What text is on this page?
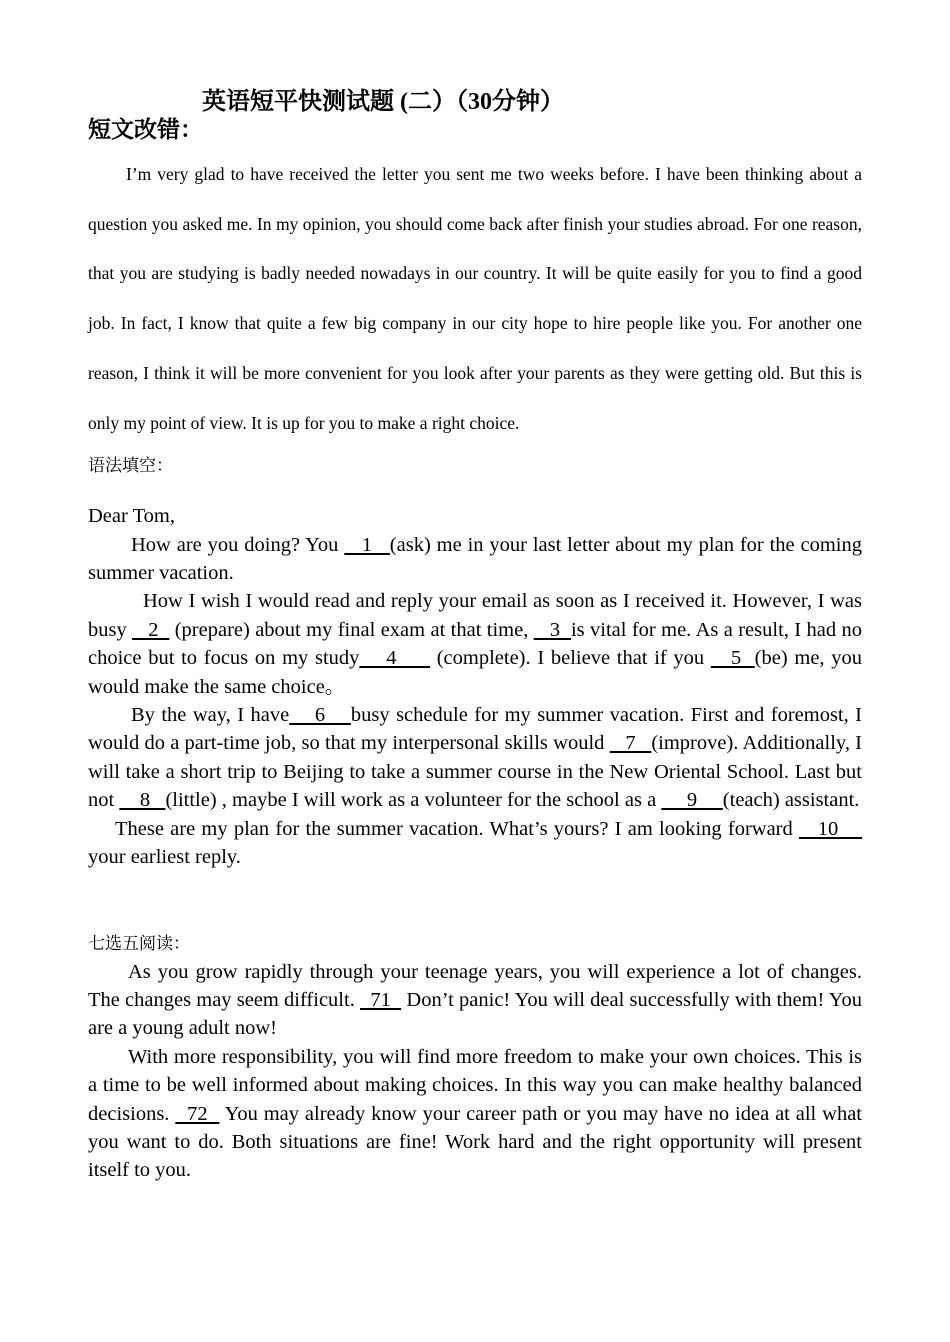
英语短平快测试题 (二）（30分钟）
短文改错：

I’m very glad to have received the letter you sent me two weeks before. I have been thinking about a question you asked me. In my opinion, you should come back after finish your studies abroad. For one reason, that you are studying is badly needed nowadays in our country. It will be quite easily for you to find a good job. In fact, I know that quite a few big company in our city hope to hire people like you. For another one reason, I think it will be more convenient for you look after your parents as they were getting old. But this is only my point of view. It is up for you to make a right choice.

语法填空：

Dear Tom,

How are you doing? You    1   (ask) me in your last letter about my plan for the coming summer vacation.

How I wish I would read and reply your email as soon as I received it. However, I was busy    2   (prepare) about my final exam at that time,    3  is vital for me. As a result, I had no choice but to focus on my study    4      (complete). I believe that if you    5  (be) me, you would make the same choice。

By the way, I have    6    busy schedule for my summer vacation. First and foremost, I would do a part-time job, so that my interpersonal skills would    7   (improve). Additionally, I will take a short trip to Beijing to take a summer course in the New Oriental School. Last but not     8   (little) , maybe I will work as a volunteer for the school as a      9     (teach) assistant.

These are my plan for the summer vacation. What’s yours? I am looking forward    10     your earliest reply.

七选五阅读：

As you grow rapidly through your teenage years, you will experience a lot of changes. The changes may seem difficult.   71   Don’t panic! You will deal successfully with them! You are a young adult now!

With more responsibility, you will find more freedom to make your own choices. This is a time to be well informed about making choices. In this way you can make healthy balanced decisions.   72   You may already know your career path or you may have no idea at all what you want to do. Both situations are fine! Work hard and the right opportunity will present itself to you.
